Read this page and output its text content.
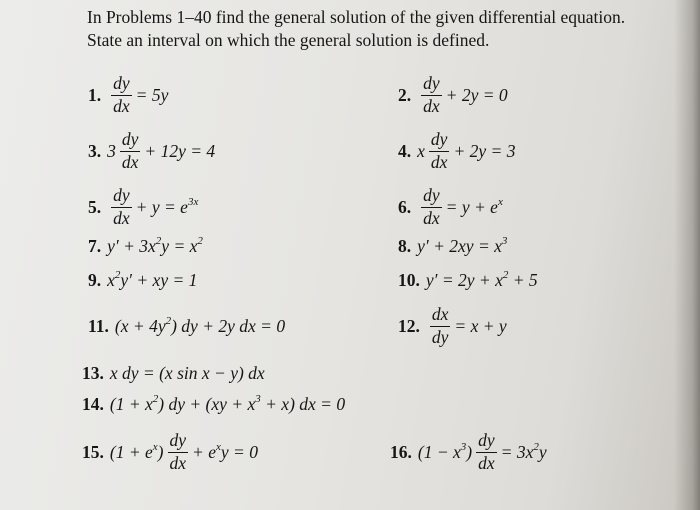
In Problems 1–40 find the general solution of the given differential equation.
State an interval on which the general solution is defined.
1. $\frac{dy}{dx} = 5y$	2. $\frac{dy}{dx} + 2y = 0$
3. $3 \frac{dy}{dx} + 12y = 4$	4. x $\frac{dy}{dx} + 2y = 3$
5. $\frac{dy}{dx} + y = e^{3x}$	6. $\frac{dy}{dx} = y + e^x$
7. $y' + 3x^2y = x^2$	8. $y' + 2xy = x^3$
9. $x^2y'$ + xy = 1	10. $y' = 2y + x^2 + 5$
11. $(x + 4y^2)$ dy + 2y dx = 0	12. $\frac{dx}{dy} = x + y$
13. x dy = (x sin x − y) dx
14. $(1 + x^2)$ dy + $(xy + x^3 + x)$ dx = 0
15. $(1 + e^x) \frac{dy}{dx} + e^xy = 0$	16. $(1 - x^3) \frac{dy}{dx} = 3x^2y$
